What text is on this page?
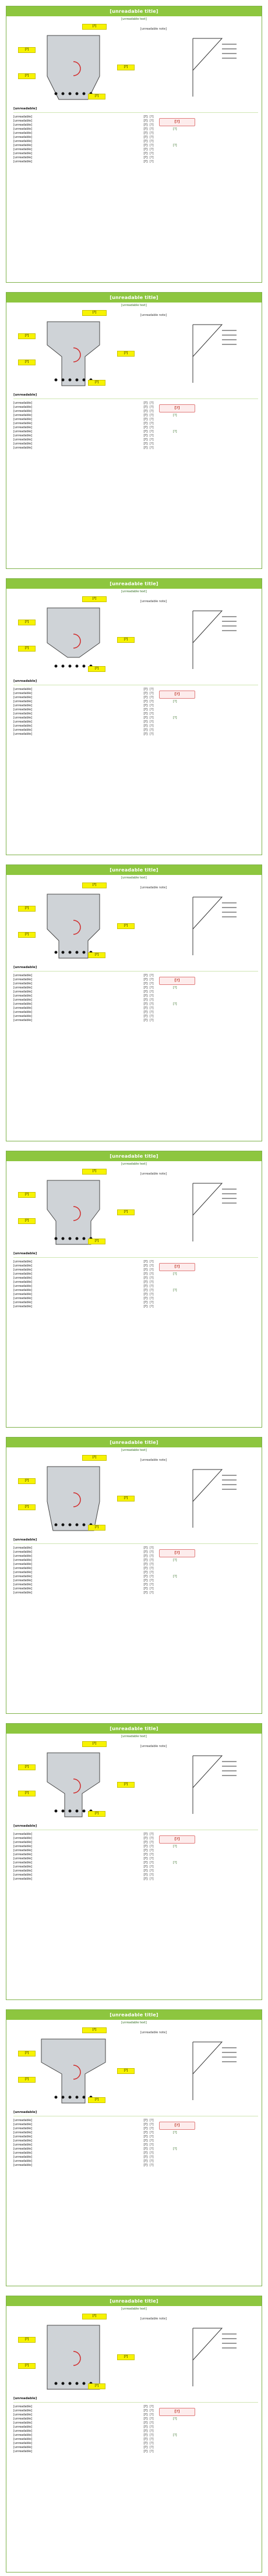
[unreadable title]
[unreadable text]
[?]
[?]
[?]
[?]
[?]
[unreadable note]
[unreadable]
[?]
[unreadable]	[?] [?]
[unreadable]	[?] [?]
[unreadable]	[?] [?]
[unreadable]	[?] [?]	[?]
[unreadable]	[?] [?]
[unreadable]	[?] [?]
[unreadable]	[?] [?]
[unreadable]	[?] [?]	[?]
[unreadable]	[?] [?]
[unreadable]	[?] [?]
[unreadable]	[?] [?]
[unreadable]	[?] [?]
[unreadable title]
[unreadable text]
[?]
[?]
[?]
[?]
[?]
[unreadable note]
[unreadable]
[?]
[unreadable]	[?] [?]
[unreadable]	[?] [?]
[unreadable]	[?] [?]
[unreadable]	[?] [?]	[?]
[unreadable]	[?] [?]
[unreadable]	[?] [?]
[unreadable]	[?] [?]
[unreadable]	[?] [?]	[?]
[unreadable]	[?] [?]
[unreadable]	[?] [?]
[unreadable]	[?] [?]
[unreadable]	[?] [?]
[unreadable title]
[unreadable text]
[?]
[?]
[?]
[?]
[?]
[unreadable note]
[unreadable]
[?]
[unreadable]	[?] [?]
[unreadable]	[?] [?]
[unreadable]	[?] [?]
[unreadable]	[?] [?]	[?]
[unreadable]	[?] [?]
[unreadable]	[?] [?]
[unreadable]	[?] [?]
[unreadable]	[?] [?]	[?]
[unreadable]	[?] [?]
[unreadable]	[?] [?]
[unreadable]	[?] [?]
[unreadable]	[?] [?]
[unreadable title]
[unreadable text]
[?]
[?]
[?]
[?]
[?]
[unreadable note]
[unreadable]
[?]
[unreadable]	[?] [?]
[unreadable]	[?] [?]
[unreadable]	[?] [?]
[unreadable]	[?] [?]	[?]
[unreadable]	[?] [?]
[unreadable]	[?] [?]
[unreadable]	[?] [?]
[unreadable]	[?] [?]	[?]
[unreadable]	[?] [?]
[unreadable]	[?] [?]
[unreadable]	[?] [?]
[unreadable]	[?] [?]
[unreadable title]
[unreadable text]
[?]
[?]
[?]
[?]
[?]
[unreadable note]
[unreadable]
[?]
[unreadable]	[?] [?]
[unreadable]	[?] [?]
[unreadable]	[?] [?]
[unreadable]	[?] [?]	[?]
[unreadable]	[?] [?]
[unreadable]	[?] [?]
[unreadable]	[?] [?]
[unreadable]	[?] [?]	[?]
[unreadable]	[?] [?]
[unreadable]	[?] [?]
[unreadable]	[?] [?]
[unreadable]	[?] [?]
[unreadable title]
[unreadable text]
[?]
[?]
[?]
[?]
[?]
[unreadable note]
[unreadable]
[?]
[unreadable]	[?] [?]
[unreadable]	[?] [?]
[unreadable]	[?] [?]
[unreadable]	[?] [?]	[?]
[unreadable]	[?] [?]
[unreadable]	[?] [?]
[unreadable]	[?] [?]
[unreadable]	[?] [?]	[?]
[unreadable]	[?] [?]
[unreadable]	[?] [?]
[unreadable]	[?] [?]
[unreadable]	[?] [?]
[unreadable title]
[unreadable text]
[?]
[?]
[?]
[?]
[?]
[unreadable note]
[unreadable]
[?]
[unreadable]	[?] [?]
[unreadable]	[?] [?]
[unreadable]	[?] [?]
[unreadable]	[?] [?]	[?]
[unreadable]	[?] [?]
[unreadable]	[?] [?]
[unreadable]	[?] [?]
[unreadable]	[?] [?]	[?]
[unreadable]	[?] [?]
[unreadable]	[?] [?]
[unreadable]	[?] [?]
[unreadable]	[?] [?]
[unreadable title]
[unreadable text]
[?]
[?]
[?]
[?]
[?]
[unreadable note]
[unreadable]
[?]
[unreadable]	[?] [?]
[unreadable]	[?] [?]
[unreadable]	[?] [?]
[unreadable]	[?] [?]	[?]
[unreadable]	[?] [?]
[unreadable]	[?] [?]
[unreadable]	[?] [?]
[unreadable]	[?] [?]	[?]
[unreadable]	[?] [?]
[unreadable]	[?] [?]
[unreadable]	[?] [?]
[unreadable]	[?] [?]
[unreadable title]
[unreadable text]
[?]
[?]
[?]
[?]
[?]
[unreadable note]
[unreadable]
[?]
[unreadable]	[?] [?]
[unreadable]	[?] [?]
[unreadable]	[?] [?]
[unreadable]	[?] [?]	[?]
[unreadable]	[?] [?]
[unreadable]	[?] [?]
[unreadable]	[?] [?]
[unreadable]	[?] [?]	[?]
[unreadable]	[?] [?]
[unreadable]	[?] [?]
[unreadable]	[?] [?]
[unreadable]	[?] [?]
